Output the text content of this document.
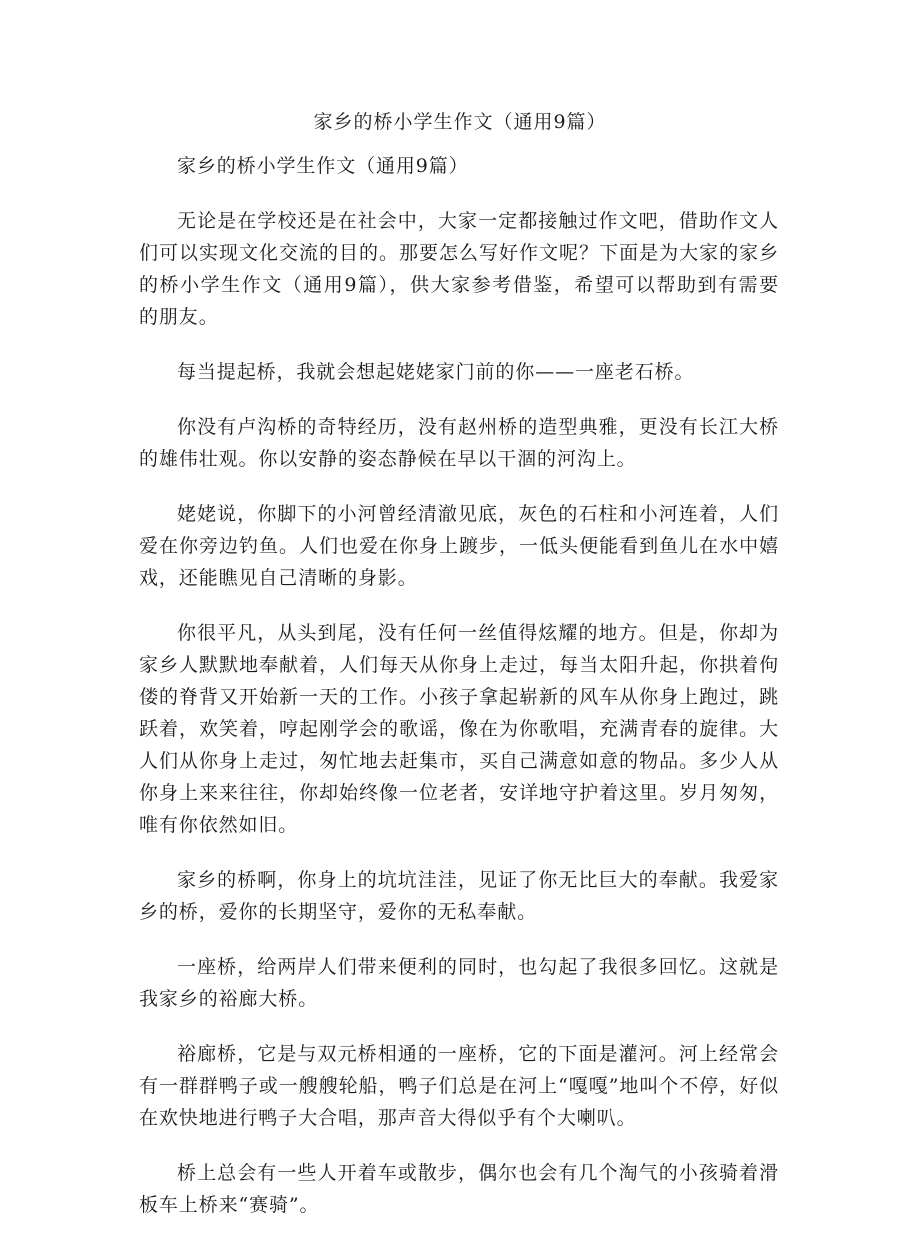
家乡的桥小学生作文（通用9篇）

家乡的桥小学生作文（通用9篇）

无论是在学校还是在社会中，大家一定都接触过作文吧，借助作文人们可以实现文化交流的目的。那要怎么写好作文呢？下面是为大家的家乡的桥小学生作文（通用9篇），供大家参考借鉴，希望可以帮助到有需要的朋友。

每当提起桥，我就会想起姥姥家门前的你——一座老石桥。

你没有卢沟桥的奇特经历，没有赵州桥的造型典雅，更没有长江大桥的雄伟壮观。你以安静的姿态静候在早以干涸的河沟上。

姥姥说，你脚下的小河曾经清澈见底，灰色的石柱和小河连着，人们爱在你旁边钓鱼。人们也爱在你身上踱步，一低头便能看到鱼儿在水中嬉戏，还能瞧见自己清晰的身影。

你很平凡，从头到尾，没有任何一丝值得炫耀的地方。但是，你却为家乡人默默地奉献着，人们每天从你身上走过，每当太阳升起，你拱着佝偻的脊背又开始新一天的工作。小孩子拿起崭新的风车从你身上跑过，跳跃着，欢笑着，哼起刚学会的歌谣，像在为你歌唱，充满青春的旋律。大人们从你身上走过，匆忙地去赶集市，买自己满意如意的物品。多少人从你身上来来往往，你却始终像一位老者，安详地守护着这里。岁月匆匆，唯有你依然如旧。

家乡的桥啊，你身上的坑坑洼洼，见证了你无比巨大的奉献。我爱家乡的桥，爱你的长期坚守，爱你的无私奉献。

一座桥，给两岸人们带来便利的同时，也勾起了我很多回忆。这就是我家乡的裕廊大桥。

裕廊桥，它是与双元桥相通的一座桥，它的下面是灌河。河上经常会有一群群鸭子或一艘艘轮船，鸭子们总是在河上“嘎嘎”地叫个不停，好似在欢快地进行鸭子大合唱，那声音大得似乎有个大喇叭。

桥上总会有一些人开着车或散步，偶尔也会有几个淘气的小孩骑着滑板车上桥来“赛骑”。
